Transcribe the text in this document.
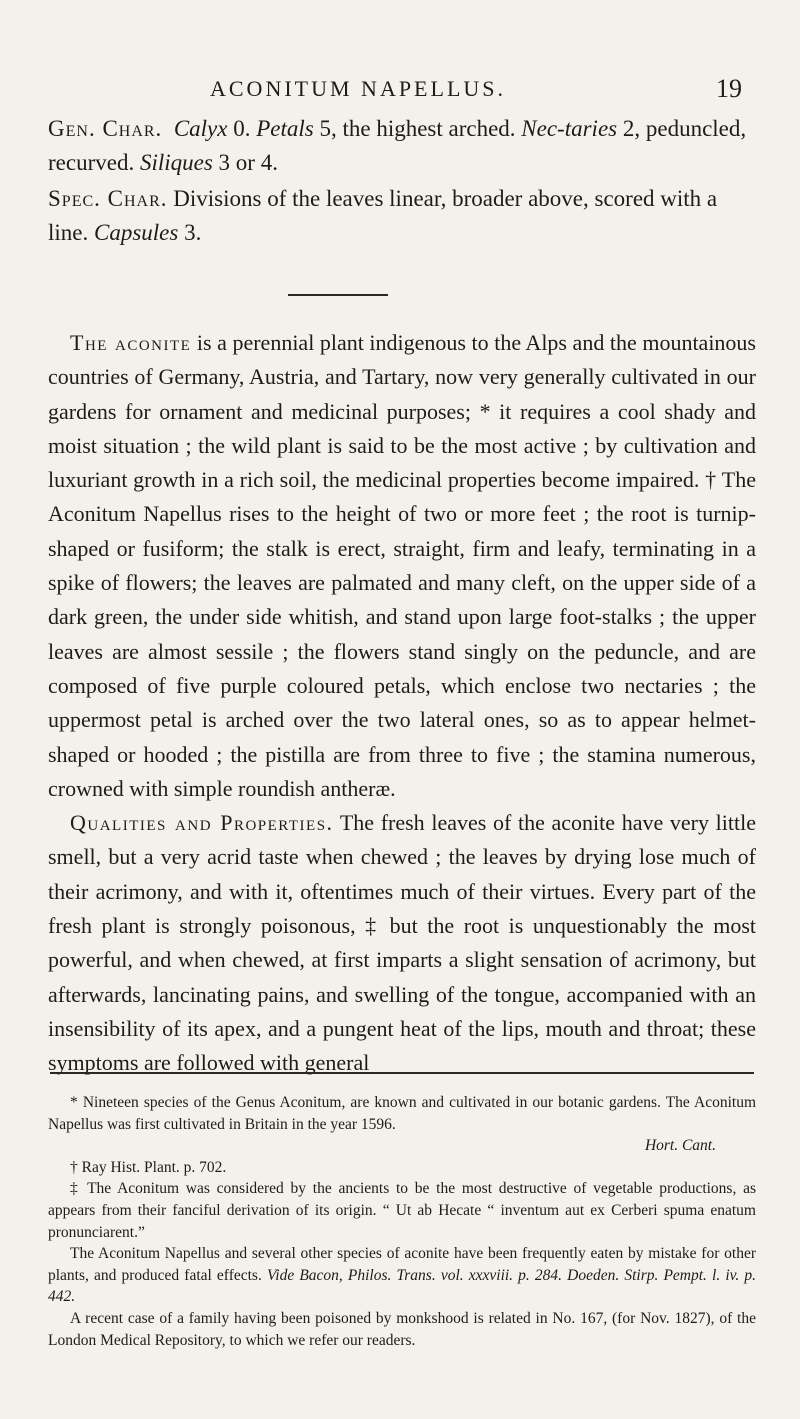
ACONITUM NAPELLUS.	19

Gen. Char. Calyx 0. Petals 5, the highest arched. Nec-taries 2, peduncled, recurved. Siliques 3 or 4.

Spec. Char. Divisions of the leaves linear, broader above, scored with a line. Capsules 3.

The aconite is a perennial plant indigenous to the Alps and the mountainous countries of Germany, Austria, and Tartary, now very generally cultivated in our gardens for ornament and medicinal purposes; * it requires a cool shady and moist situation ; the wild plant is said to be the most active ; by cultivation and luxuriant growth in a rich soil, the medicinal properties become impaired. † The Aconitum Napellus rises to the height of two or more feet ; the root is turnip-shaped or fusiform; the stalk is erect, straight, firm and leafy, terminating in a spike of flowers; the leaves are palmated and many cleft, on the upper side of a dark green, the under side whitish, and stand upon large foot-stalks ; the upper leaves are almost sessile ; the flowers stand singly on the peduncle, and are composed of five purple coloured petals, which enclose two nectaries ; the uppermost petal is arched over the two lateral ones, so as to appear helmet-shaped or hooded ; the pistilla are from three to five ; the stamina numerous, crowned with simple roundish antheræ.

Qualities and Properties. The fresh leaves of the aconite have very little smell, but a very acrid taste when chewed ; the leaves by drying lose much of their acrimony, and with it, oftentimes much of their virtues. Every part of the fresh plant is strongly poisonous, ‡ but the root is unquestionably the most powerful, and when chewed, at first imparts a slight sensation of acrimony, but afterwards, lancinating pains, and swelling of the tongue, accompanied with an insensibility of its apex, and a pungent heat of the lips, mouth and throat; these symptoms are followed with general

* Nineteen species of the Genus Aconitum, are known and cultivated in our botanic gardens. The Aconitum Napellus was first cultivated in Britain in the year 1596.

Hort. Cant.

† Ray Hist. Plant. p. 702.

‡ The Aconitum was considered by the ancients to be the most destructive of vegetable productions, as appears from their fanciful derivation of its origin. “ Ut ab Hecate “ inventum aut ex Cerberi spuma enatum pronunciarent.”

The Aconitum Napellus and several other species of aconite have been frequently eaten by mistake for other plants, and produced fatal effects. Vide Bacon, Philos. Trans. vol. xxxviii. p. 284. Doeden. Stirp. Pempt. l. iv. p. 442.

A recent case of a family having been poisoned by monkshood is related in No. 167, (for Nov. 1827), of the London Medical Repository, to which we refer our readers.
